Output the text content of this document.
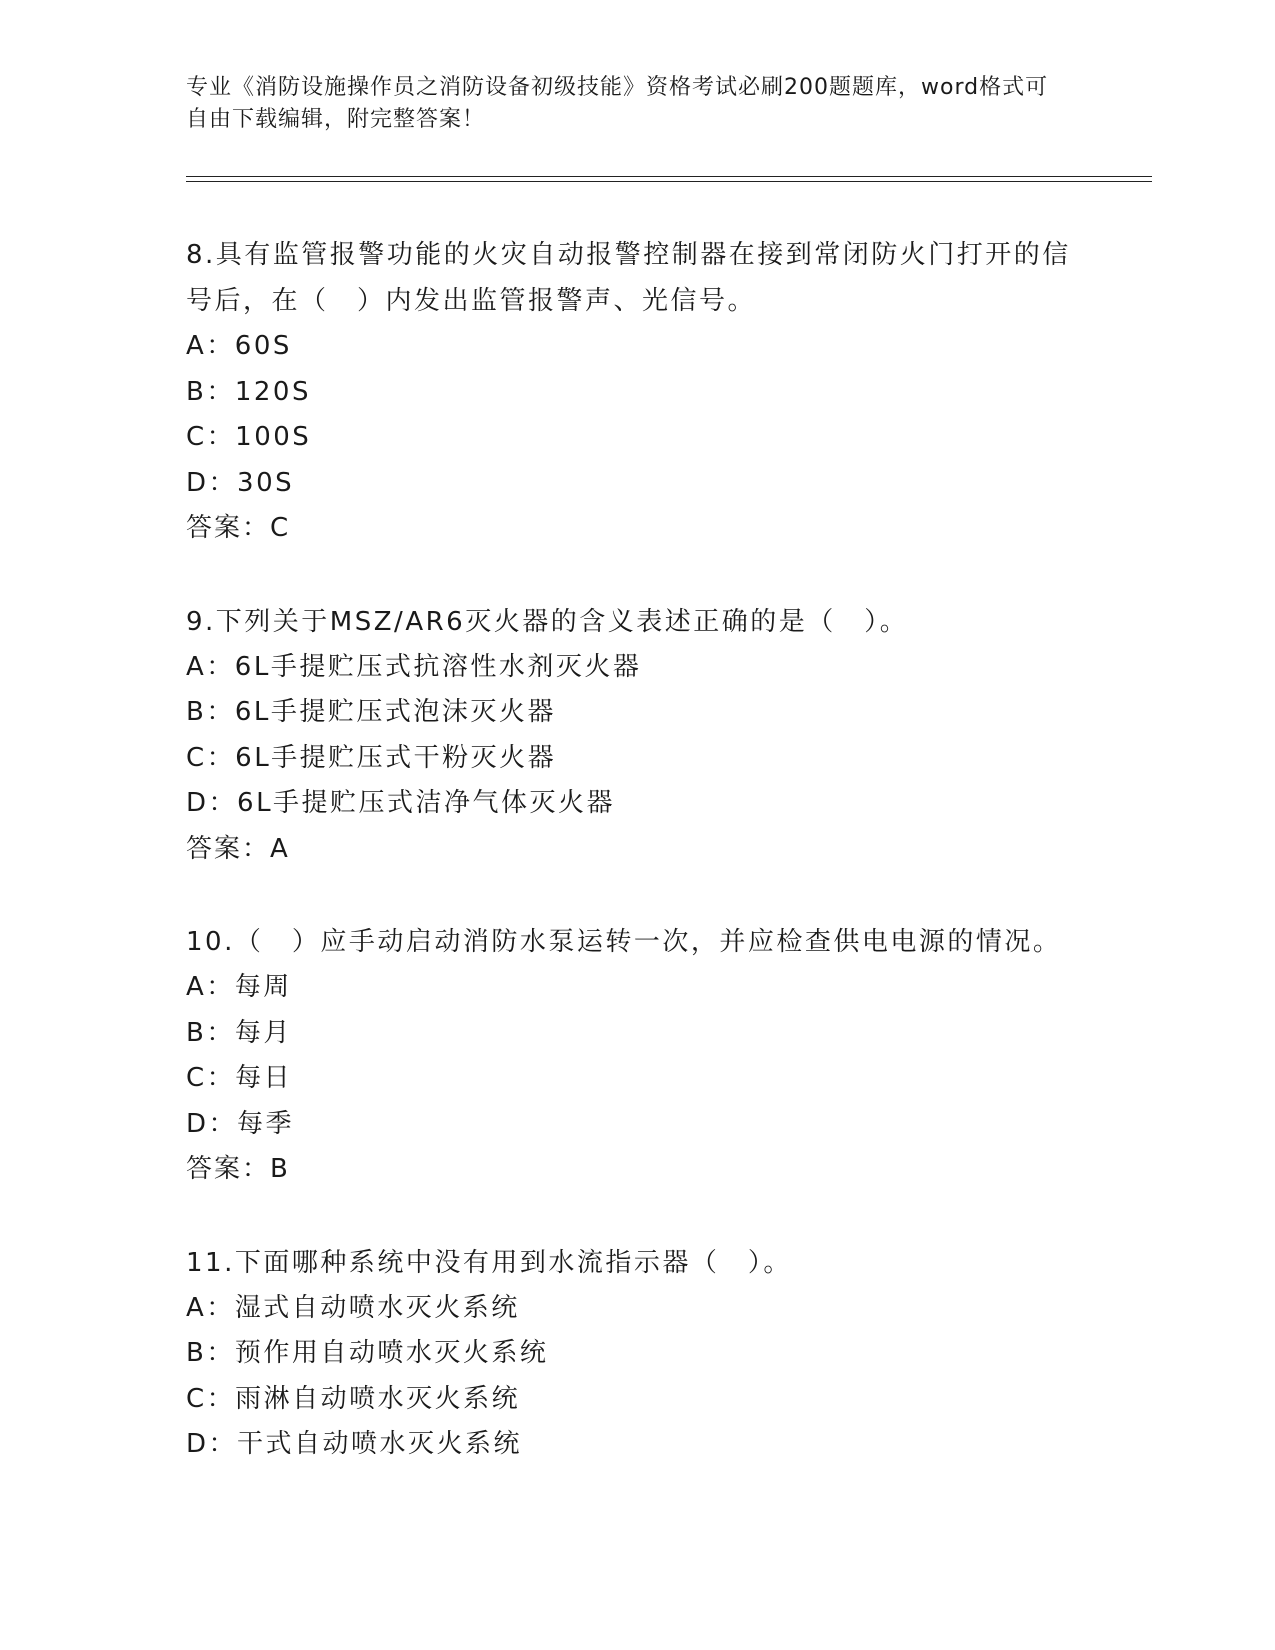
专业《消防设施操作员之消防设备初级技能》资格考试必刷200题题库，word格式可自由下载编辑，附完整答案！
8.具有监管报警功能的火灾自动报警控制器在接到常闭防火门打开的信号后，在（　）内发出监管报警声、光信号。
A：60S
B：120S
C：100S
D：30S
答案：C
9.下列关于MSZ/AR6灭火器的含义表述正确的是（　）。
A：6L手提贮压式抗溶性水剂灭火器
B：6L手提贮压式泡沫灭火器
C：6L手提贮压式干粉灭火器
D：6L手提贮压式洁净气体灭火器
答案：A
10.（　）应手动启动消防水泵运转一次，并应检查供电电源的情况。
A：每周
B：每月
C：每日
D：每季
答案：B
11.下面哪种系统中没有用到水流指示器（　）。
A：湿式自动喷水灭火系统
B：预作用自动喷水灭火系统
C：雨淋自动喷水灭火系统
D：干式自动喷水灭火系统
